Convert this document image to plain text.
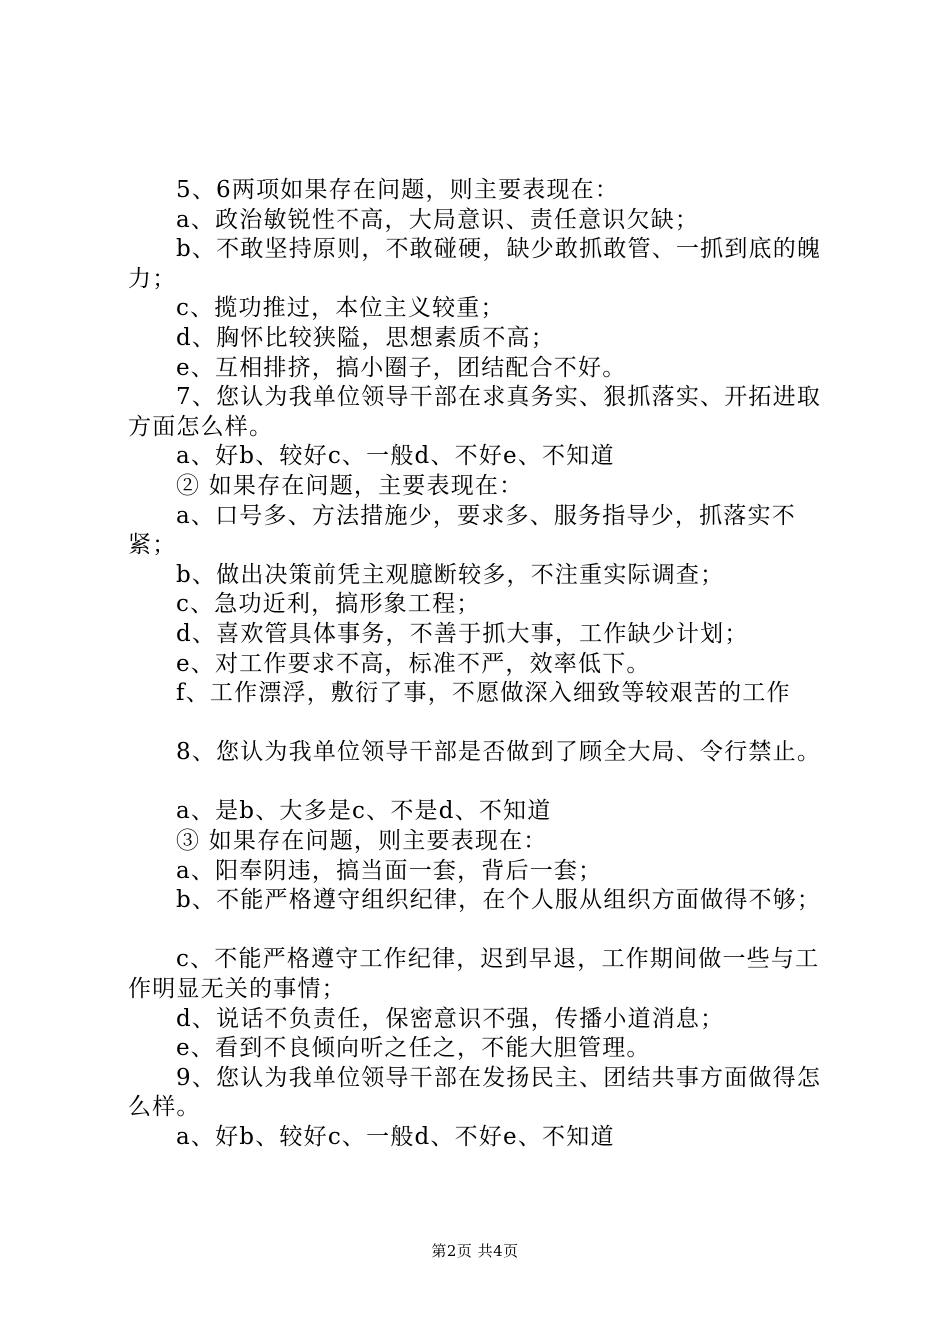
5、6两项如果存在问题，则主要表现在：

a、政治敏锐性不高，大局意识、责任意识欠缺；

b、不敢坚持原则，不敢碰硬，缺少敢抓敢管、一抓到底的魄力；

c、揽功推过，本位主义较重；

d、胸怀比较狭隘，思想素质不高；

e、互相排挤，搞小圈子，团结配合不好。

7、您认为我单位领导干部在求真务实、狠抓落实、开拓进取方面怎么样。

a、好b、较好c、一般d、不好e、不知道

② 如果存在问题，主要表现在：

a、口号多、方法措施少，要求多、服务指导少，抓落实不紧；

b、做出决策前凭主观臆断较多，不注重实际调查；

c、急功近利，搞形象工程；

d、喜欢管具体事务，不善于抓大事，工作缺少计划；

e、对工作要求不高，标准不严，效率低下。

f、工作漂浮，敷衍了事，不愿做深入细致等较艰苦的工作

8、您认为我单位领导干部是否做到了顾全大局、令行禁止。

a、是b、大多是c、不是d、不知道

③ 如果存在问题，则主要表现在：

a、阳奉阴违，搞当面一套，背后一套；

b、不能严格遵守组织纪律，在个人服从组织方面做得不够；

c、不能严格遵守工作纪律，迟到早退，工作期间做一些与工作明显无关的事情；

d、说话不负责任，保密意识不强，传播小道消息；

e、看到不良倾向听之任之，不能大胆管理。

9、您认为我单位领导干部在发扬民主、团结共事方面做得怎么样。

a、好b、较好c、一般d、不好e、不知道

第2页 共4页
